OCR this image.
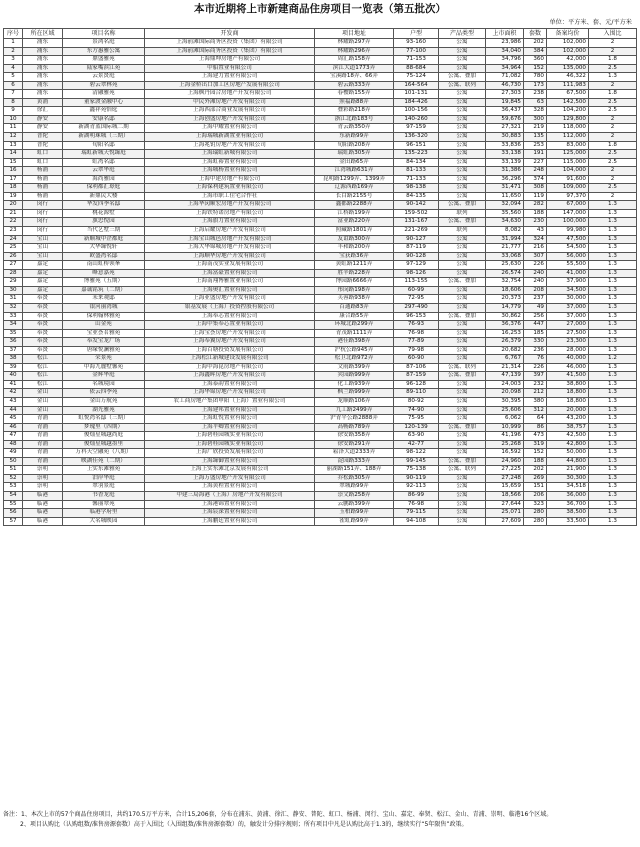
本市近期将上市新建商品住房项目一览表（第五批次）
单位：平方米、套、元/平方米
序号	所在区域	项目名称	开发商	项目地址	户型	产品类型	上市面积	套数	备案均价	入围比
1	浦东	景鸿名庭	上海前滩国际商务区投资（集团）有限公司	林耀路297弄	93-160	公寓	23,986	202	102,000	2
2	浦东	东方惠雅公寓	上海前滩国际商务区投资（集团）有限公司	林耀路296弄	77-100	公寓	34,040	384	102,000	2
3	浦东	鼎盛雅苑	上海鼎坤房地产有限公司	周汇路158弄	71-153	公寓	34,796	360	42,000	1.8
4	浦东	陆家嘴滨江苑	中船置业有限公司	滨江大道1773弄	88-684	公寓	34,964	152	135,000	2.5
5	浦东	云景贤庭	上海建力置业有限公司	宝溪路18弄、66弄	75-124	公寓、叠加	71,082	780	46,322	1.3
6	浦东	碧云翠林苑	上海金桥出口加工区房地产发展有限公司	碧云路333弄	164-564	公寓、联列	46,730	173	111,983	2
7	浦东	清融雅苑	上海枫丹园合房地产开发有限公司	春樱路155弄	101-131	公寓	27,303	238	67,500	1.8
8	黄浦	董家渡金融中心	中民外滩房地产开发有限公司	照福路88弄	184-426	公寓	19,845	63	142,500	2.5
9	徐汇	鑫祥苑怡庭	上海西部合商业发展有限公司	叠彩路218弄	100-156	公寓	36,437	328	104,200	2.5
10	静安	安康名邸	上海创盛房地产开发有限公司	浙江北路183号	140-260	公寓	59,676	300	129,800	2
11	静安	新湖青蓝国际城二期	上海中耀置业有限公司	青云路350弄	97-159	公寓	27,321	219	118,000	2
12	普陀	新湖明珠城（三期）	上海瑞城新湖置业有限公司	东新路99弄	136-320	公寓	30,883	135	112,000	2
13	普陀	旬阳名邸	上海兆钥房地产开发有限公司	旬阳路208弄	96-151	公寓	33,836	253	83,000	1.8
14	虹口	瑞虹新城天悦臻庭	上海瑞虹新城有限公司	瑞虹路305弄	135-223	公寓	33,138	191	125,000	2.5
15	虹口	虹湾名邸	上海虹裕置业有限公司	金田路65弄	84-134	公寓	33,139	227	115,000	2.5
16	杨浦	云翠华庭	上海城杨置业有限公司	江湾城路631弄	81-133	公寓	31,386	248	104,000	2
17	杨浦	海尚雅园	上海中建房地产有限公司	昆明路1299弄、1399弄	71-133	公寓	36,296	374	91,600	2
18	杨浦	保利都汇璟庭	上海保利建筑置业有限公司	辽源西路169弄	98-138	公寓	31,471	308	109,000	2.5
19	杨浦	新鼎民大楼	上海市职工住宅合作社	长白路2155号	84-135	公寓	11,650	119	97,370	2
20	闵行	华发四季名邸	上海华闵顺宏房地产开发有限公司	鑫都路2288弄	90-142	公寓、叠加	32,094	282	67,000	1.3
21	闵行	桃花源墅	上海铁特诺房地产有限公司	江桥路199弄	159-502	联列	35,560	188	147,000	1.3
22	闵行	旗忠悦园	上海旗力置业有限公司	富业路220弄	131-167	公寓、叠加	34,630	230	100,000	1.3
23	闵行	当代艺墅三期	上海启耀房地产开发有限公司	照藏路1801弄	221-269	联列	8,082	43	99,980	1.3
24	宝山	新顺城中企都庭	上海宝山城邑房地产开发有限公司	友谊路300弄	90-127	公寓	31,994	324	47,500	1.3
25	宝山	大华臻悦轩	上海大华锦城房地产开发有限公司	丰和路200弄	87-119	公寓	21,777	216	54,500	1.3
26	宝山	欧盛湾名邸	上海顺华房地产开发有限公司	宝获路36弄	90-128	公寓	33,068	307	56,000	1.3
27	嘉定	南山虹桥领峯	上海南茂实业发展有限公司	黄虹路1211弄	97-129	公寓	25,630	226	55,500	1.3
28	嘉定	峰意嘉苑	上海富豪置业有限公司	胜辛路228弄	98-126	公寓	26,574	240	41,000	1.3
29	嘉定	博雅苑（五期）	上海南翔博雅置业有限公司	博园路6666弄	113-155	公寓、叠加	32,754	240	37,900	1.3
30	嘉定	嘉诚铭筑（二期）	上海奥汇置业有限公司	彤闵路198弄	60-99	公寓	18,606	208	34,500	1.3
31	奉贤	未来观邸	上海亚盛房地产开发有限公司	芙蓉路938弄	72-95	公寓	20,373	237	30,000	1.3
32	奉贤	银河丽湾城	银基发展（上海）投资控股有限公司	百通路83弄	297-490	公寓	14,779	49	37,000	1.3
33	奉贤	保利翰林雅苑	上海奉芯置业有限公司	康合路55弄	96-153	公寓、叠加	30,862	256	37,000	1.3
34	奉贤	山金苑	上海中集奉芯置业有限公司	环城北路299弄	76-93	公寓	36,376	447	27,000	1.3
35	奉贤	宝业荟茗雅苑	上海宝荟房地产开发有限公司	青茂路1111弄	76-98	公寓	16,253	185	27,500	1.3
36	奉贤	奉发宝龙广场	上海奉翼房地产开发有限公司	港佳路398弄	77-89	公寓	26,379	330	23,300	1.3
37	奉贤	唐缘悦澜雅苑	上海百塘投资发展有限公司	沪杭公路945弄	79-98	公寓	20,682	236	28,000	1.3
38	松江	荣景苑	上海松江新城建设发展有限公司	松卫北路972弄	60-90	公寓	6,767	76	40,000	1.2
39	松江	中海九麓墅馨苑	上海中海昆房地产有限公司	文雨路399弄	87-106	公寓、联列	21,314	226	46,000	1.3
40	松江	金辉华庭	上海鑫晖房地产开发有限公司	宾园路999弄	87-159	公寓、叠加	47,139	397	41,500	1.3
41	松江	名城境园	上海泰韵置业有限公司	化工路939弄	96-128	公寓	24,003	232	38,800	1.3
42	金山	依云四季苑	上海华锦房地产开发有限公司	枫兰路999弄	89-110	公寓	20,098	212	18,800	1.3
43	金山	金山万航苑	农工商房地产集团申阳（上海）置业有限公司	龙顺路106弄	80-92	公寓	30,395	380	18,800	1.3
44	金山	湖光雅苑	上海建邦置业有限公司	九工路2499弄	74-90	公寓	25,606	312	20,000	1.3
45	青浦	虹悦湾名邸（三期）	上海虹悦置业有限公司	沪青平公路2888弄	75-95	公寓	6,062	64	43,200	1.3
46	青浦	梦瑰里（四期）	上海平卿置业有限公司	高畅路789弄	120-139	公寓、叠加	10,999	86	38,757	1.3
47	青浦	俊灿星城越尚庭	上海碧桂园城实业有限公司	徐安路358弄	63-90	公寓	41,196	473	42,500	1.3
48	青浦	俊灿星城越墨里	上海碧桂园城实业有限公司	徐安路291弄	42-77	公寓	25,268	319	42,800	1.3
49	青浦	万科天空融苑（八期）	上海广欣投资发展有限公司	崧泽大道2333弄	98-122	公寓	16,592	152	50,000	1.3
50	青浦	映湖佳苑（二期）	上海臻御置业有限公司	淀园路333弄	99-145	公寓、叠加	24,960	188	44,800	1.3
51	崇明	上实东滩雅苑	上海上实东滩北京发展有限公司	丽湖路151弄、188弄	75-138	公寓、联列	27,225	202	21,900	1.3
52	崇明	泊岸华庭	上海万盛房地产开发有限公司	乔松路305弄	90-119	公寓	27,248	269	30,300	1.3
53	崇明	翠羽景庭	上海黄程置业有限公司	翠城路99弄	92-113	公寓	15,659	151	34,518	1.3
54	临港	书香龙庭	中建三局海港（上海）房地产开发有限公司	崇文路258弄	86-99	公寓	18,566	206	36,000	1.3
55	临港	馨丽翠苑	上海港锦置业有限公司	云鹏路399弄	76-98	公寓	27,644	323	36,700	1.3
56	临港	临港学府里	上海宸深置业有限公司	玉柏路99弄	79-115	公寓	25,071	280	38,500	1.3
57	临港	大名城映园	上海鹏廷置业有限公司	雀虹路99弄	94-108	公寓	27,609	280	33,500	1.3
备注：1、本次上市的57个商品住房项目，共约170.5万平方米，合计15,206套，分布在浦东、黄浦、徐汇、静安、普陀、虹口、杨浦、闵行、宝山、嘉定、奉贤、松江、金山、青浦、崇明、临港16个区域。
2、项目认购比（认购组数/准售房源套数）高于入围比（入围组数/准售房源套数）的，触发计分排序规则；所有项目中凡是认购比高于1.3的，继续实行“5年限售”政策。
